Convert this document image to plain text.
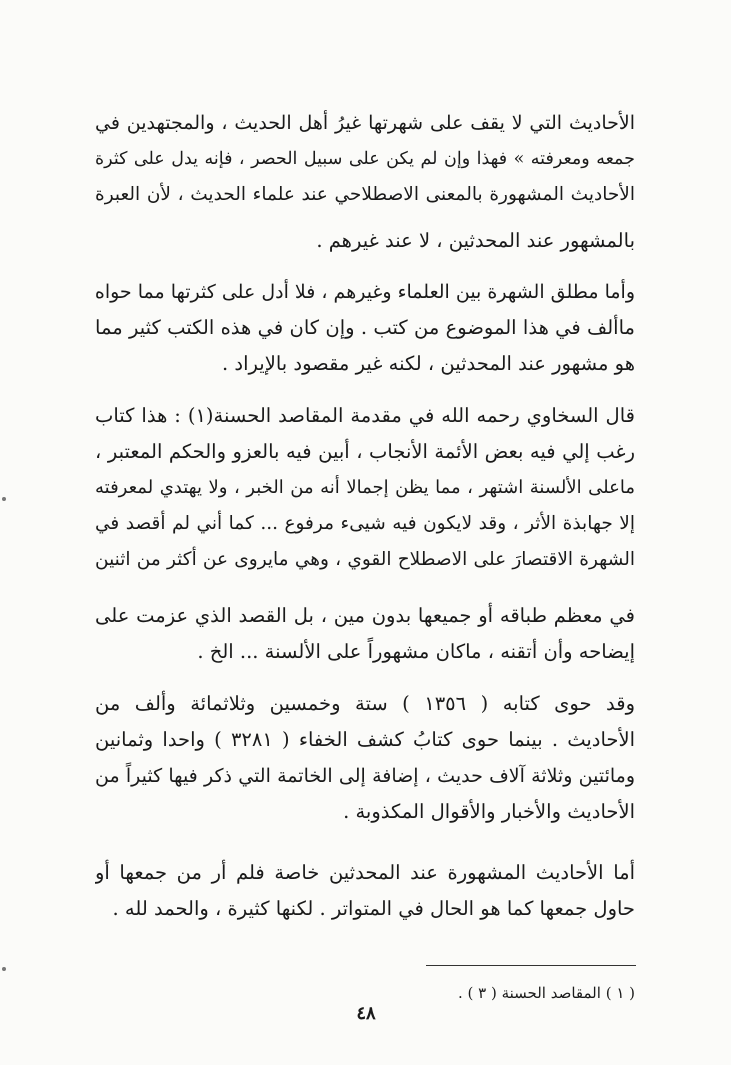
الأحاديث التي لا يقف على شهرتها غيرُ أهل الحديث ، والمجتهدين في
جمعه ومعرفته » فهذا وإن لم يكن على سبيل الحصر ، فإنه يدل على كثرة
الأحاديث المشهورة بالمعنى الاصطلاحي عند علماء الحديث ، لأن العبرة
بالمشهور عند المحدثين ، لا عند غيرهم .
وأما مطلق الشهرة بين العلماء وغيرهم ، فلا أدل على كثرتها مما حواه
ماألف في هذا الموضوع من كتب . وإن كان في هذه الكتب كثير مما
هو مشهور عند المحدثين ، لكنه غير مقصود بالإيراد .
قال السخاوي رحمه الله في مقدمة المقاصد الحسنة(١) : هذا كتاب
رغب إلي فيه بعض الأئمة الأنجاب ، أبين فيه بالعزو والحكم المعتبر ،
ماعلى الألسنة اشتهر ، مما يظن إجمالا أنه من الخبر ، ولا يهتدي لمعرفته
إلا جهابذة الأثر ، وقد لايكون فيه شيىء مرفوع ... كما أني لم أقصد في
الشهرة الاقتصارَ على الاصطلاح القوي ، وهي مايروى عن أكثر من اثنين
في معظم طباقه أو جميعها بدون مين ، بل القصد الذي عزمت على
إيضاحه وأن أتقنه ، ماكان مشهوراً على الألسنة ... الخ .
وقد حوى كتابه ( ١٣٥٦ ) ستة وخمسين وثلاثمائة وألف من
الأحاديث . بينما حوى كتابُ كشف الخفاء ( ٣٢٨١ ) واحدا وثمانين
ومائتين وثلاثة آلاف حديث ، إضافة إلى الخاتمة التي ذكر فيها كثيراً من
الأحاديث والأخبار والأقوال المكذوبة .
أما الأحاديث المشهورة عند المحدثين خاصة فلم أر من جمعها أو
حاول جمعها كما هو الحال في المتواتر . لكنها كثيرة ، والحمد لله .
( ١ ) المقاصد الحسنة ( ٣ ) .
٤٨
